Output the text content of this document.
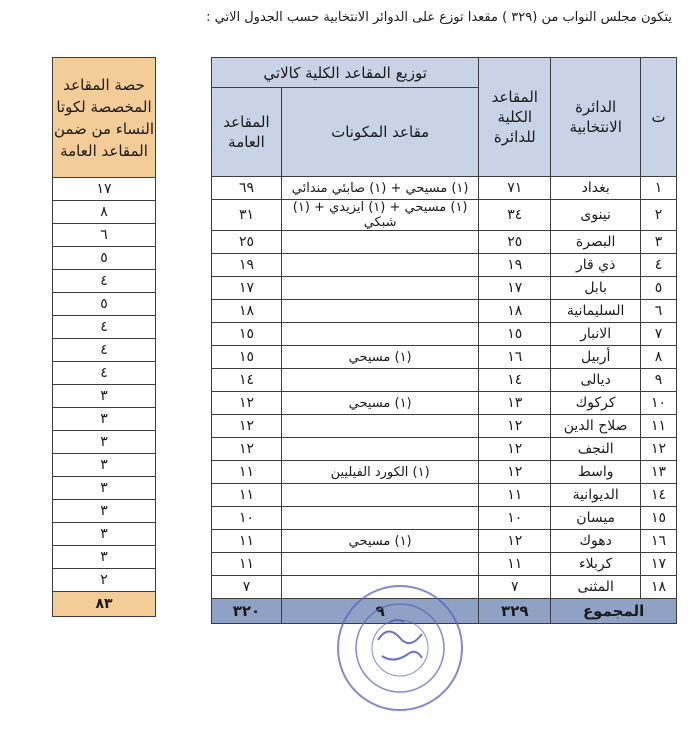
يتكون مجلس النواب من (٣٢٩ ) مقعدا توزع على الدوائر الانتخابية حسب الجدول الاتي :
ت	الدائرة الانتخابية	المقاعد الكلية للدائرة	توزيع المقاعد الكلية كالاتي	
			مقاعد المكونات	المقاعد العامة
١	بغداد	٧١	(١) مسيحي + (١) صابئي مندائي	٦٩
٢	نينوى	٣٤	(١) مسيحي + (١) ايزيدي + (١) شبكي	٣١
٣	البصرة	٢٥		٢٥
٤	ذي قار	١٩		١٩
٥	بابل	١٧		١٧
٦	السليمانية	١٨		١٨
٧	الانبار	١٥		١٥
٨	أربيل	١٦	(١) مسيحي	١٥
٩	ديالى	١٤		١٤
١٠	كركوك	١٣	(١) مسيحي	١٢
١١	صلاح الدين	١٢		١٢
١٢	النجف	١٢		١٢
١٣	واسط	١٢	(١) الكورد الفيليين	١١
١٤	الديوانية	١١		١١
١٥	ميسان	١٠		١٠
١٦	دهوك	١٢	(١) مسيحي	١١
١٧	كربلاء	١١		١١
١٨	المثنى	٧		٧
المجموع		٣٢٩	٩	٣٢٠
حصة المقاعد المخصصة لكوتا النساء من ضمن المقاعد العامة
١٧
٨
٦
٥
٤
٥
٤
٤
٤
٣
٣
٣
٣
٣
٣
٣
٣
٢
٨٣
